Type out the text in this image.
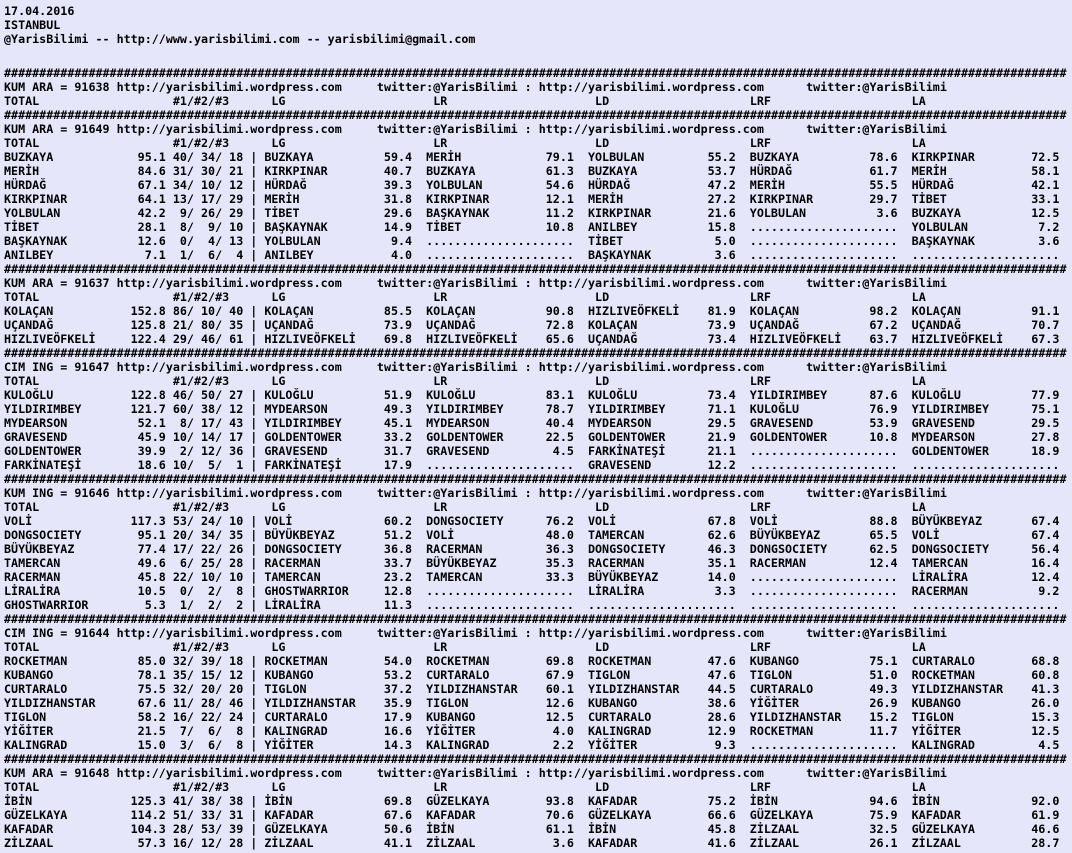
17.04.2016
ISTANBUL
@YarisBilimi -- http://www.yarisbilimi.com -- yarisbilimi@gmail.com
#######################################################################################################################################################
KUM ARA = 91638 http://yarisbilimi.wordpress.com	twitter:@YarisBilimi : http://yarisbilimi.wordpress.com	twitter:@YarisBilimi
TOTAL	#1/#2/#3	LG	LR	LD	LRF	LA
#######################################################################################################################################################
KUM ARA = 91649 http://yarisbilimi.wordpress.com	twitter:@YarisBilimi : http://yarisbilimi.wordpress.com	twitter:@YarisBilimi
TOTAL	#1/#2/#3	LG	LR	LD	LRF	LA
BUZKAYA	95.1 40/ 34/ 18 | BUZKAYA	59.4 MERİH	79.1 YOLBULAN	55.2 BUZKAYA	78.6 KIRKPINAR	72.5
MERİH	84.6 31/ 30/ 21 | KIRKPINAR	40.7 BUZKAYA	61.3 BUZKAYA	53.7 HÜRDAĞ	61.7 MERİH	58.1
HÜRDAĞ	67.1 34/ 10/ 12 | HÜRDAĞ	39.3 YOLBULAN	54.6 HÜRDAĞ	47.2 MERİH	55.5 HÜRDAĞ	42.1
KIRKPINAR	64.1 13/ 17/ 29 | MERİH	31.8 KIRKPINAR	12.1 MERİH	27.2 KIRKPINAR	29.7 TİBET	33.1
YOLBULAN	42.2 9/ 26/ 29 | TİBET	29.6 BAŞKAYNAK	11.2 KIRKPINAR	21.6 YOLBULAN	3.6 BUZKAYA	12.5
TİBET	28.1 8/  9/ 10 | BAŞKAYNAK	14.9 TİBET	10.8 ANILBEY	15.8 ..................... YOLBULAN	7.2
BAŞKAYNAK	12.6 0/  4/ 13 | YOLBULAN	9.4 ..................... TİBET	5.0 ..................... BAŞKAYNAK	3.6
ANILBEY	7.1 1/  6/  4 | ANILBEY	4.0 ..................... BAŞKAYNAK	3.6 ..................... .....................
#######################################################################################################################################################
KUM ARA = 91637 http://yarisbilimi.wordpress.com	twitter:@YarisBilimi : http://yarisbilimi.wordpress.com	twitter:@YarisBilimi
TOTAL	#1/#2/#3	LG	LR	LD	LRF	LA
KOLAÇAN	152.8 86/ 10/ 40 | KOLAÇAN	85.5 KOLAÇAN	90.8 HIZLIVEÖFKELİ 81.9 KOLAÇAN	98.2 KOLAÇAN	91.1
UÇANDAĞ	125.8 21/ 80/ 35 | UÇANDAĞ	73.9 UÇANDAĞ	72.8 KOLAÇAN	73.9 UÇANDAĞ	67.2 UÇANDAĞ	70.7
HIZLIVEÖFKELİ	122.4 29/ 46/ 61 | HIZLIVEÖFKELİ 69.8 HIZLIVEÖFKELİ 65.6 UÇANDAĞ	73.4 HIZLIVEÖFKELİ 63.7 HIZLIVEÖFKELİ 67.3
#######################################################################################################################################################
CIM ING = 91647 http://yarisbilimi.wordpress.com	twitter:@YarisBilimi : http://yarisbilimi.wordpress.com	twitter:@YarisBilimi
TOTAL	#1/#2/#3	LG	LR	LD	LRF	LA
KULOĞLU	122.8 46/ 50/ 27 | KULOĞLU	51.9 KULOĞLU	83.1 KULOĞLU	73.4 YILDIRIMBEY	87.6 KULOĞLU	77.9
YILDIRIMBEY	121.7 60/ 38/ 12 | MYDEARSON	49.3 YILDIRIMBEY	78.7 YILDIRIMBEY	71.1 KULOĞLU	76.9 YILDIRIMBEY	75.1
MYDEARSON	52.1 8/ 17/ 43 | YILDIRIMBEY	45.1 MYDEARSON	40.4 MYDEARSON	29.5 GRAVESEND	53.9 GRAVESEND	29.5
GRAVESEND	45.9 10/ 14/ 17 | GOLDENTOWER	33.2 GOLDENTOWER	22.5 GOLDENTOWER	21.9 GOLDENTOWER	10.8 MYDEARSON	27.8
GOLDENTOWER	39.9 2/ 12/ 36 | GRAVESEND	31.7 GRAVESEND	4.5 FARKİNATEŞİ	21.1 ..................... GOLDENTOWER	18.9
FARKİNATEŞİ	18.6 10/  5/  1 | FARKİNATEŞİ	17.9 ..................... GRAVESEND	12.2 ..................... .....................
#######################################################################################################################################################
KUM ING = 91646 http://yarisbilimi.wordpress.com	twitter:@YarisBilimi : http://yarisbilimi.wordpress.com	twitter:@YarisBilimi
TOTAL	#1/#2/#3	LG	LR	LD	LRF	LA
VOLİ	117.3 53/ 24/ 10 | VOLİ	60.2 DONGSOCIETY	76.2 VOLİ	67.8 VOLİ	88.8 BÜYÜKBEYAZ	67.4
DONGSOCIETY	95.1 20/ 34/ 35 | BÜYÜKBEYAZ	51.2 VOLİ	48.0 TAMERCAN	62.6 BÜYÜKBEYAZ	65.5 VOLİ	67.4
BÜYÜKBEYAZ	77.4 17/ 22/ 26 | DONGSOCIETY	36.8 RACERMAN	36.3 DONGSOCIETY	46.3 DONGSOCIETY	62.5 DONGSOCIETY	56.4
TAMERCAN	49.6 6/ 25/ 28 | RACERMAN	33.7 BÜYÜKBEYAZ	35.3 RACERMAN	35.1 RACERMAN	12.4 TAMERCAN	16.4
RACERMAN	45.8 22/ 10/ 10 | TAMERCAN	23.2 TAMERCAN	33.3 BÜYÜKBEYAZ	14.0 ..................... LİRALİRA	12.4
LİRALİRA	10.5 0/  2/  8 | GHOSTWARRIOR	12.8 ..................... LİRALİRA	3.3 ..................... RACERMAN	9.2
GHOSTWARRIOR	5.3 1/  2/  2 | LİRALİRA	11.3 ..................... ..................... ..................... .....................
#######################################################################################################################################################
CIM ING = 91644 http://yarisbilimi.wordpress.com	twitter:@YarisBilimi : http://yarisbilimi.wordpress.com	twitter:@YarisBilimi
TOTAL	#1/#2/#3	LG	LR	LD	LRF	LA
ROCKETMAN	85.0 32/ 39/ 18 | ROCKETMAN	54.0 ROCKETMAN	69.8 ROCKETMAN	47.6 KUBANGO	75.1 CURTARALO	68.8
KUBANGO	78.1 35/ 15/ 12 | KUBANGO	53.2 CURTARALO	67.9 TIGLON	47.6 TIGLON	51.0 ROCKETMAN	60.8
CURTARALO	75.5 32/ 20/ 20 | TIGLON	37.2 YILDIZHANSTAR 60.1 YILDIZHANSTAR 44.5 CURTARALO	49.3 YILDIZHANSTAR 41.3
YILDIZHANSTAR	67.6 11/ 28/ 46 | YILDIZHANSTAR 35.9 TIGLON	12.6 KUBANGO	38.6 YİĞİTER	26.9 KUBANGO	26.0
TIGLON	58.2 16/ 22/ 24 | CURTARALO	17.9 KUBANGO	12.5 CURTARALO	28.6 YILDIZHANSTAR 15.2 TIGLON	15.3
YİĞİTER	21.5 7/  6/  8 | KALINGRAD	16.6 YİĞİTER	4.0 KALINGRAD	12.9 ROCKETMAN	11.7 YİĞİTER	12.5
KALINGRAD	15.0 3/  6/  8 | YİĞİTER	14.3 KALINGRAD	2.2 YİĞİTER	9.3 ..................... KALINGRAD	4.5
#######################################################################################################################################################
KUM ARA = 91648 http://yarisbilimi.wordpress.com	twitter:@YarisBilimi : http://yarisbilimi.wordpress.com	twitter:@YarisBilimi
TOTAL	#1/#2/#3	LG	LR	LD	LRF	LA
İBİN	125.3 41/ 38/ 38 | İBİN	69.8 GÜZELKAYA	93.8 KAFADAR	75.2 İBİN	94.6 İBİN	92.0
GÜZELKAYA	114.2 51/ 33/ 31 | KAFADAR	67.6 KAFADAR	70.6 GÜZELKAYA	66.6 GÜZELKAYA	75.9 KAFADAR	61.9
KAFADAR	104.3 28/ 53/ 39 | GÜZELKAYA	50.6 İBİN	61.1 İBİN	45.8 ZİLZAAL	32.5 GÜZELKAYA	46.6
ZİLZAAL	57.3 16/ 12/ 28 | ZİLZAAL	41.1 ZİLZAAL	3.6 KAFADAR	41.6 ZİLZAAL	26.1 ZİLZAAL	28.7
